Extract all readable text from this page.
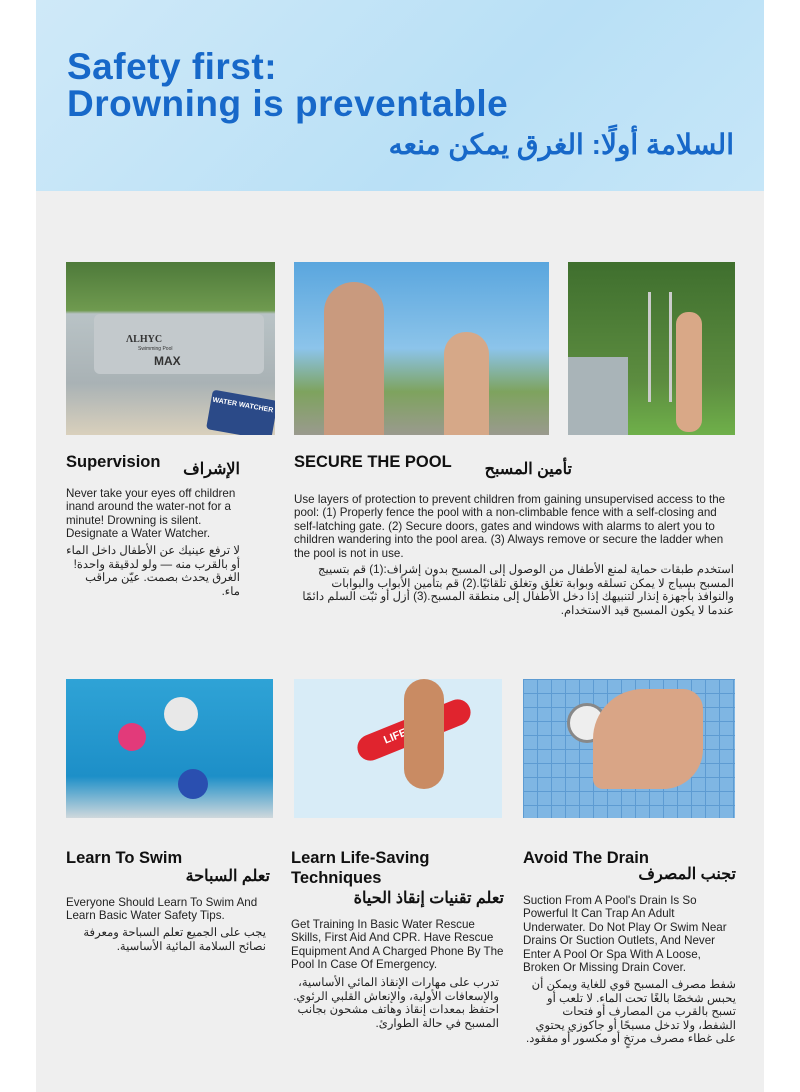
Safety first:
Drowning is preventable
السلامة أولًا: الغرق يمكن منعه
ΛLHYC
Swimming Pool
MAX
WATER WATCHER
Supervision	الإشراف
Never take your eyes off children inand around the water-not for a minute! Drowning is silent. Designate a Water Watcher.
لا ترفع عينيك عن الأطفال داخل الماء أو بالقرب منه — ولو لدقيقة واحدة! الغرق يحدث بصمت. عيّن مراقب ماء.
SECURE THE POOL	تأمين المسبح
Use layers of protection to prevent children from gaining unsupervised access to the pool: (1) Properly fence the pool with a non-climbable fence with a self-closing and self-latching gate. (2) Secure doors, gates and windows with alarms to alert you to children wandering into the pool area. (3) Always remove or secure the ladder when the pool is not in use.
استخدم طبقات حماية لمنع الأطفال من الوصول إلى المسبح بدون إشراف:(1) قم بتسييج المسبح بسياج لا يمكن تسلقه وبوابة تغلق وتغلق تلقائيًا.(2) قم بتأمين الأبواب والبوابات والنوافذ بأجهزة إنذار لتنبيهك إذا دخل الأطفال إلى منطقة المسبح.(3) أزل أو ثبّت السلم دائمًا عندما لا يكون المسبح قيد الاستخدام.
Learn To Swim
تعلم السباحة
Everyone Should Learn To Swim And Learn Basic Water Safety Tips.
يجب على الجميع تعلم السباحة ومعرفة نصائح السلامة المائية الأساسية.
Learn Life-Saving Techniques
تعلم تقنيات إنقاذ الحياة
Get Training In Basic Water Rescue Skills, First Aid And CPR. Have Rescue Equipment And A Charged Phone By The Pool In Case Of Emergency.
تدرب على مهارات الإنقاذ المائي الأساسية، والإسعافات الأولية، والإنعاش القلبي الرئوي. احتفظ بمعدات إنقاذ وهاتف مشحون بجانب المسبح في حالة الطوارئ.
Avoid The Drain
تجنب المصرف
Suction From A Pool's Drain Is So Powerful It Can Trap An Adult Underwater. Do Not Play Or Swim Near Drains Or Suction Outlets, And Never Enter A Pool Or Spa With A Loose, Broken Or Missing Drain Cover.
شفط مصرف المسبح قوي للغاية ويمكن أن يحبس شخصًا بالغًا تحت الماء. لا تلعب أو تسبح بالقرب من المصارف أو فتحات الشفط، ولا تدخل مسبحًا أو جاكوزي يحتوي على غطاء مصرف مرتخٍ أو مكسور أو مفقود.
